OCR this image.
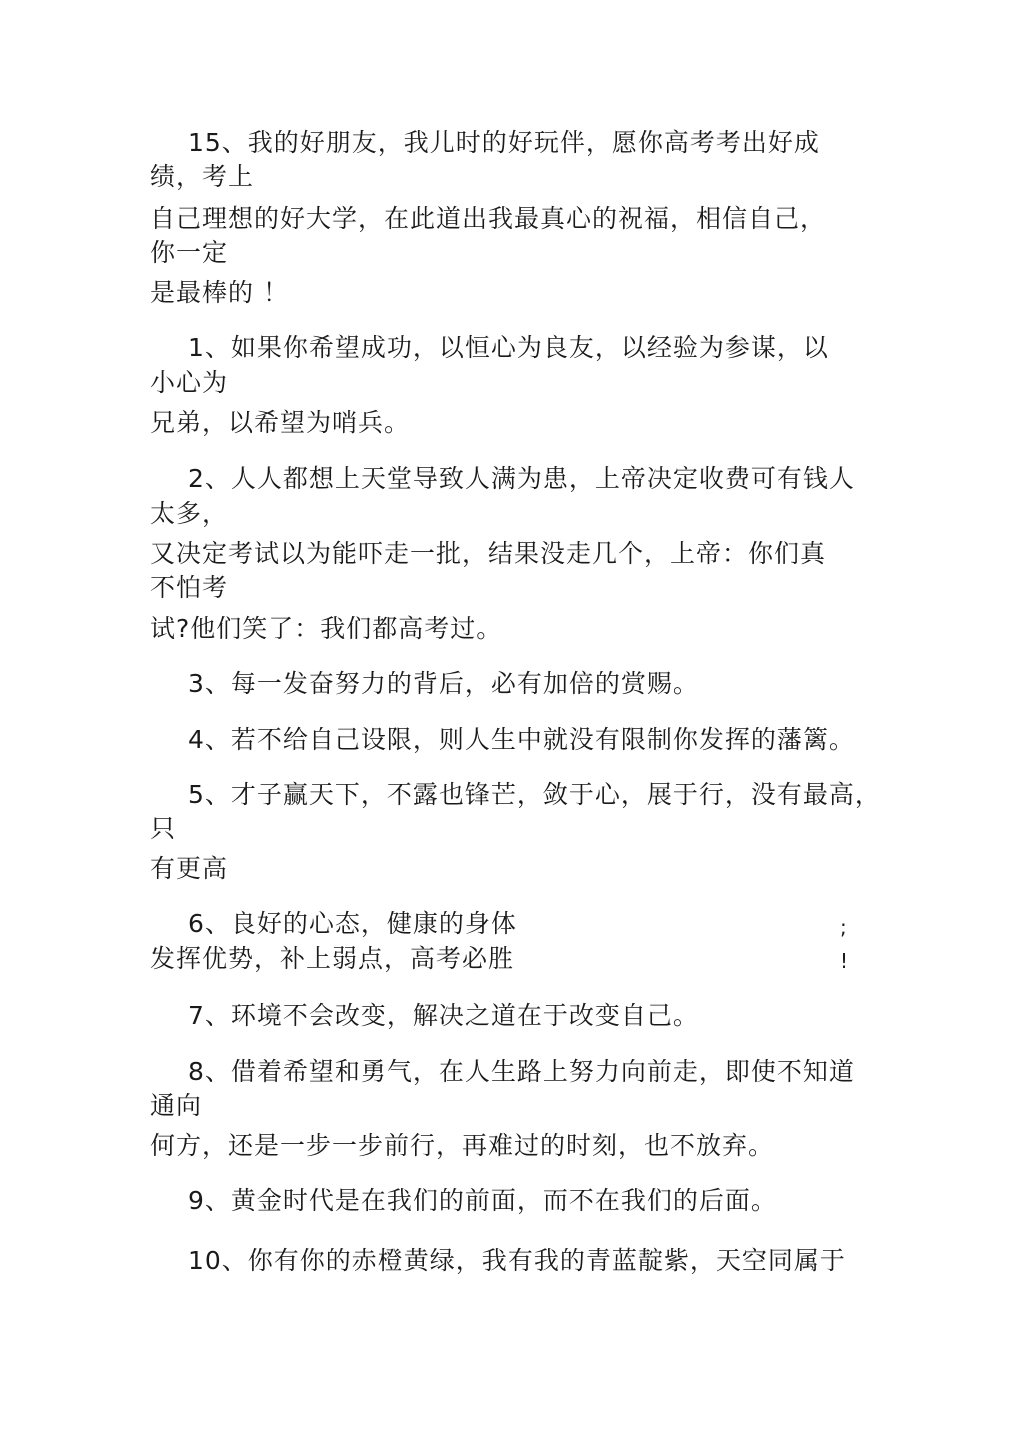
15、我的好朋友，我儿时的好玩伴，愿你高考考出好成
绩，考上
自己理想的好大学，在此道出我最真心的祝福，相信自己，
你一定
是最棒的 ！
1、如果你希望成功，以恒心为良友，以经验为参谋，以
小心为
兄弟，以希望为哨兵。
2、人人都想上天堂导致人满为患，上帝决定收费可有钱人
太多，
又决定考试以为能吓走一批，结果没走几个，上帝：你们真
不怕考
试?他们笑了：我们都高考过。
3、每一发奋努力的背后，必有加倍的赏赐。
4、若不给自己设限，则人生中就没有限制你发挥的藩篱。
5、才子赢天下，不露也锋芒，敛于心，展于行，没有最高，
只
有更高
6、良好的心态，健康的身体	;
发挥优势，补上弱点，高考必胜	!
7、环境不会改变，解决之道在于改变自己。
8、借着希望和勇气，在人生路上努力向前走，即使不知道
通向
何方，还是一步一步前行，再难过的时刻，也不放弃。
9、黄金时代是在我们的前面，而不在我们的后面。
10、你有你的赤橙黄绿，我有我的青蓝靛紫，天空同属于
